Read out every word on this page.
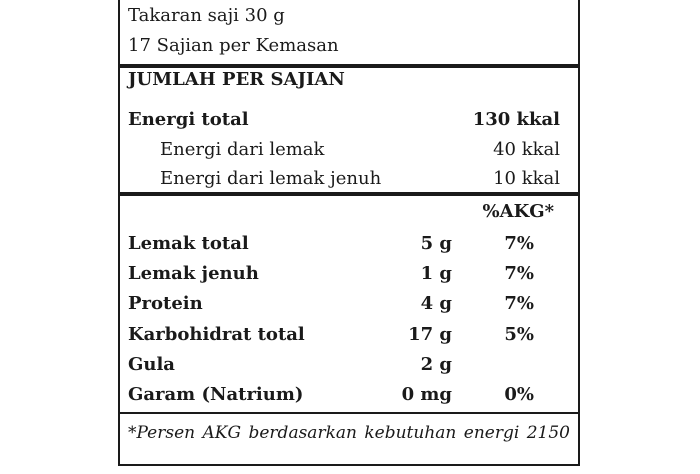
Takaran saji 30 g
17 Sajian per Kemasan
JUMLAH PER SAJIAN
Energi total	130 kkal
Energi dari lemak	40 kkal
Energi dari lemak jenuh	10 kkal
%AKG*
Lemak total	5 g	7%
Lemak jenuh	1 g	7%
Protein	4 g	7%
Karbohidrat total	17 g	5%
Gula	2 g
Garam (Natrium)	0 mg	0%
*Persen AKG berdasarkan kebutuhan energi 2150
